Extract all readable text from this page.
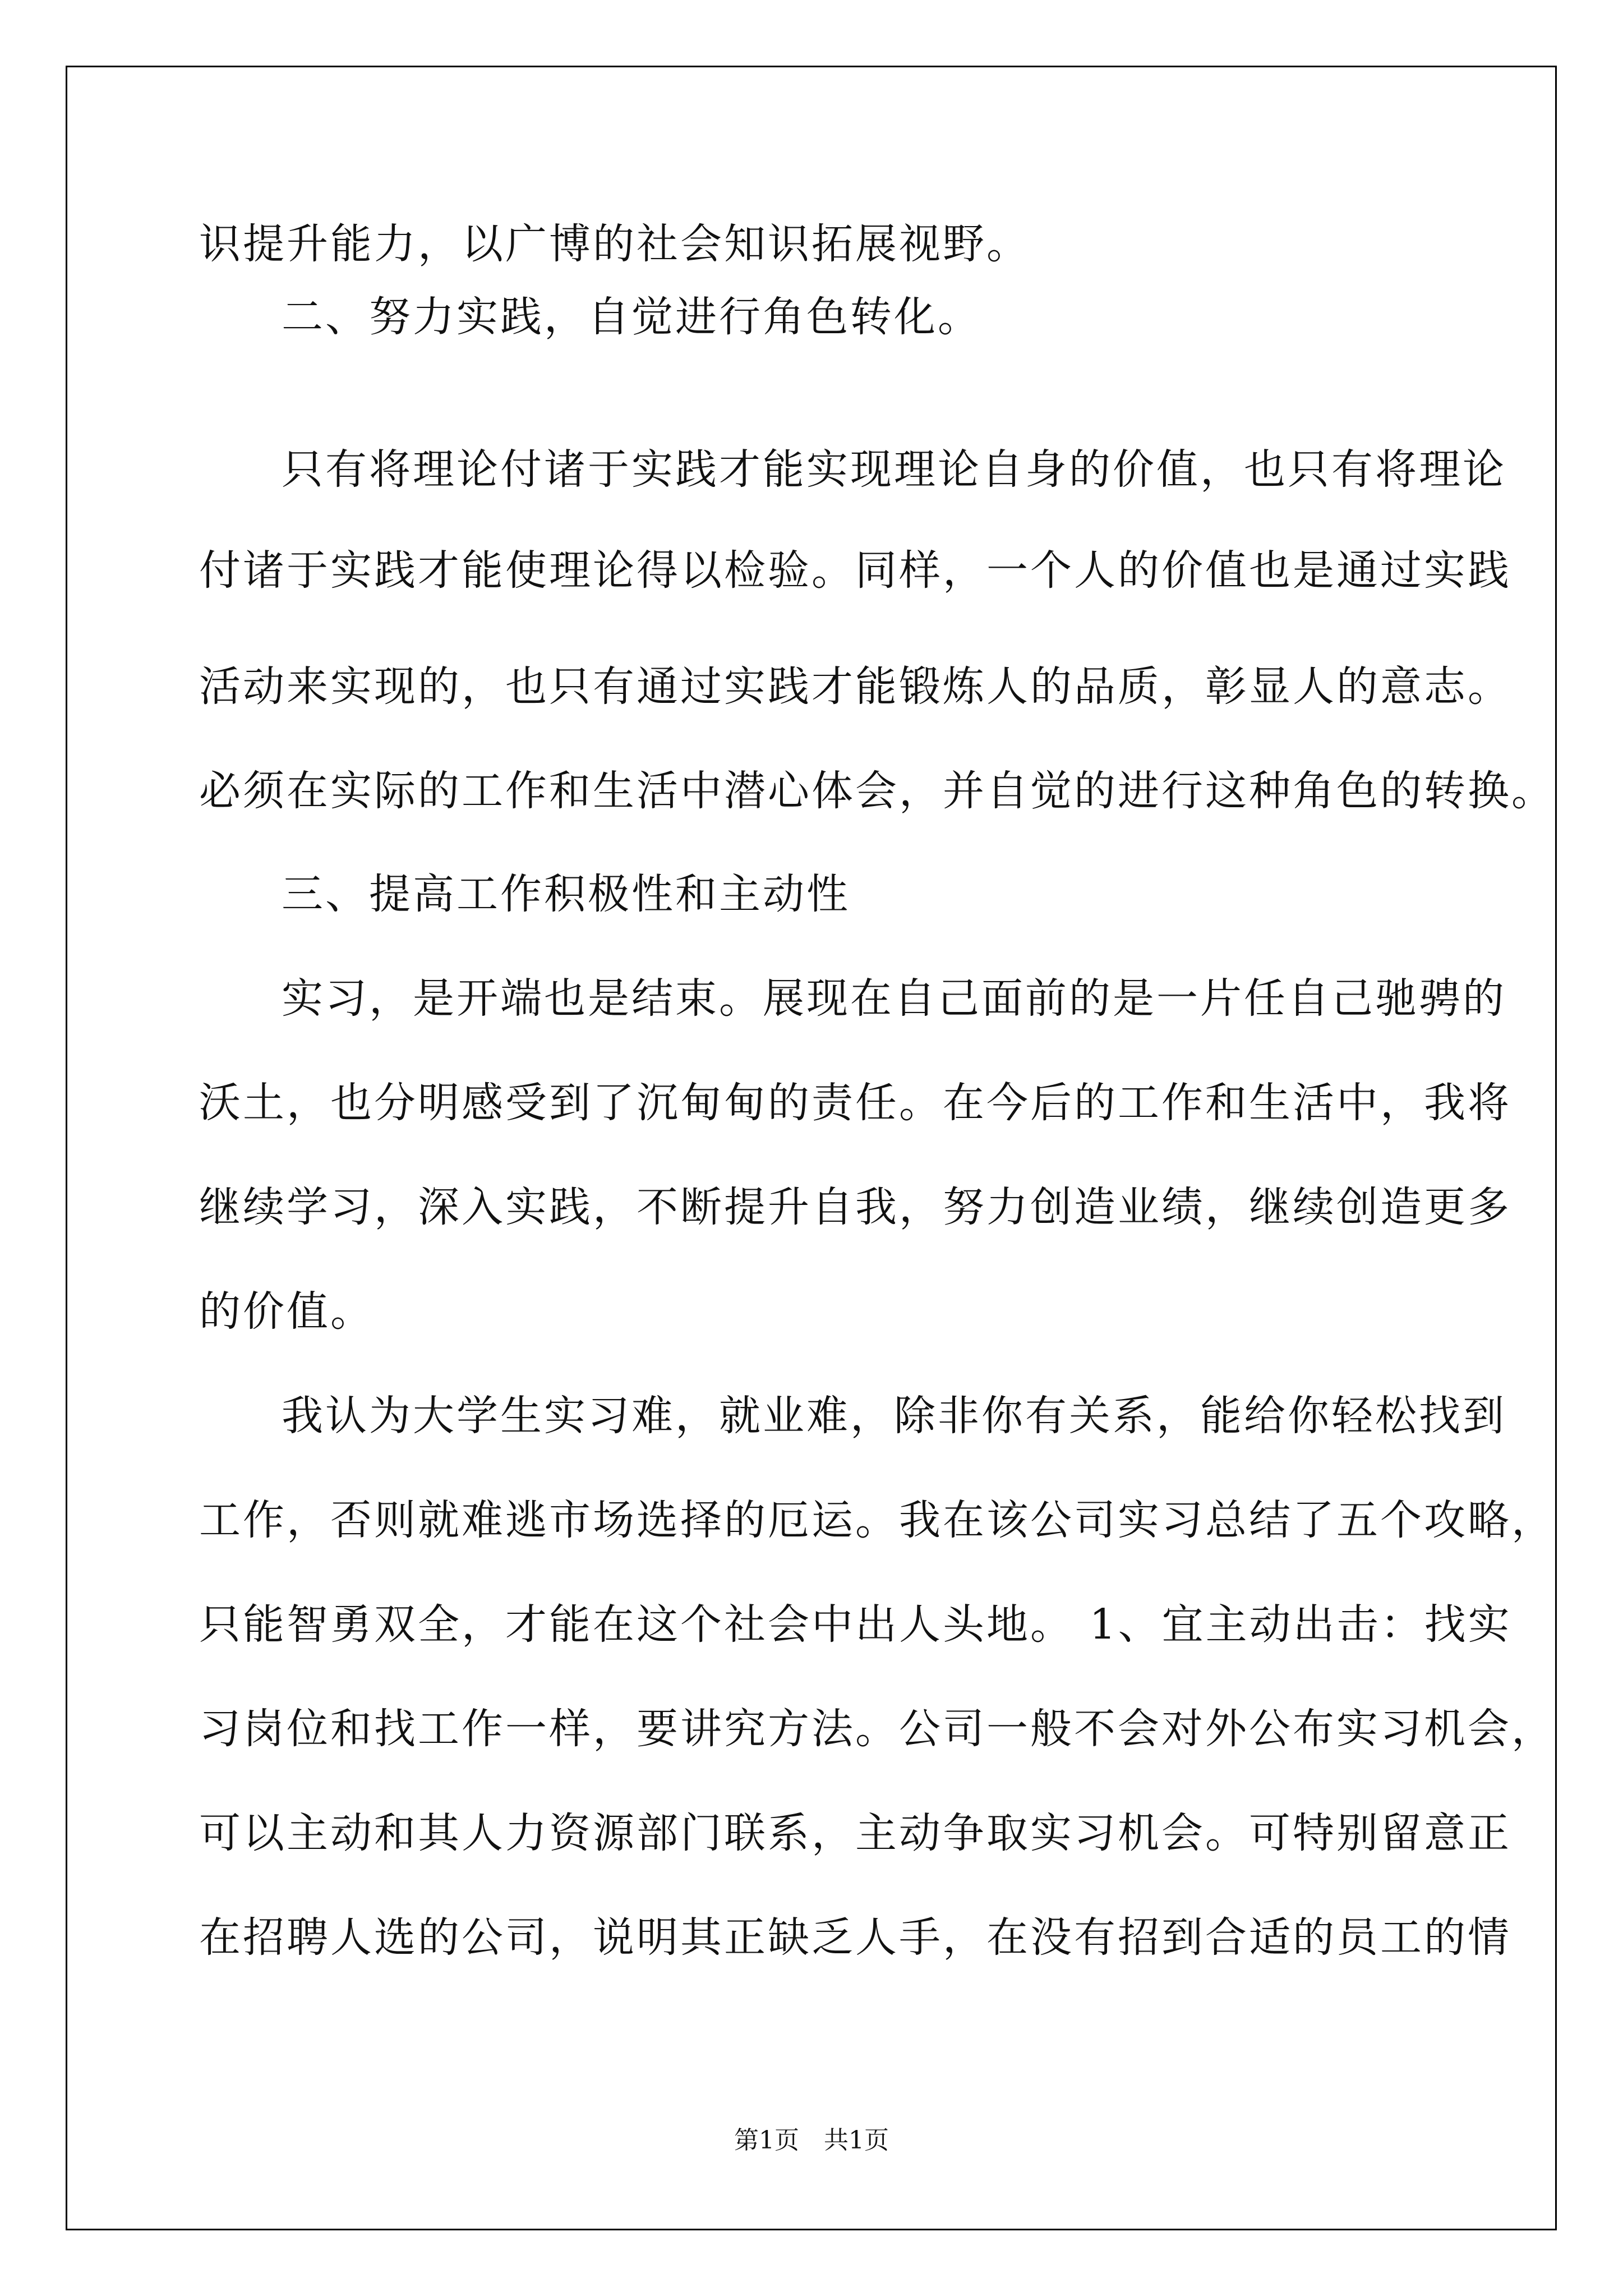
识提升能力，以广博的社会知识拓展视野。
二、努力实践，自觉进行角色转化。
只有将理论付诸于实践才能实现理论自身的价值，也只有将理论
付诸于实践才能使理论得以检验。同样，一个人的价值也是通过实践
活动来实现的，也只有通过实践才能锻炼人的品质，彰显人的意志。
必须在实际的工作和生活中潜心体会，并自觉的进行这种角色的转换。
三、提高工作积极性和主动性
实习，是开端也是结束。展现在自己面前的是一片任自己驰骋的
沃土，也分明感受到了沉甸甸的责任。在今后的工作和生活中，我将
继续学习，深入实践，不断提升自我，努力创造业绩，继续创造更多
的价值。
我认为大学生实习难，就业难，除非你有关系，能给你轻松找到
工作，否则就难逃市场选择的厄运。我在该公司实习总结了五个攻略，
只能智勇双全，才能在这个社会中出人头地。 1、宜主动出击：找实
习岗位和找工作一样，要讲究方法。公司一般不会对外公布实习机会，
可以主动和其人力资源部门联系，主动争取实习机会。可特别留意正
在招聘人选的公司，说明其正缺乏人手，在没有招到合适的员工的情
第1页　共1页
